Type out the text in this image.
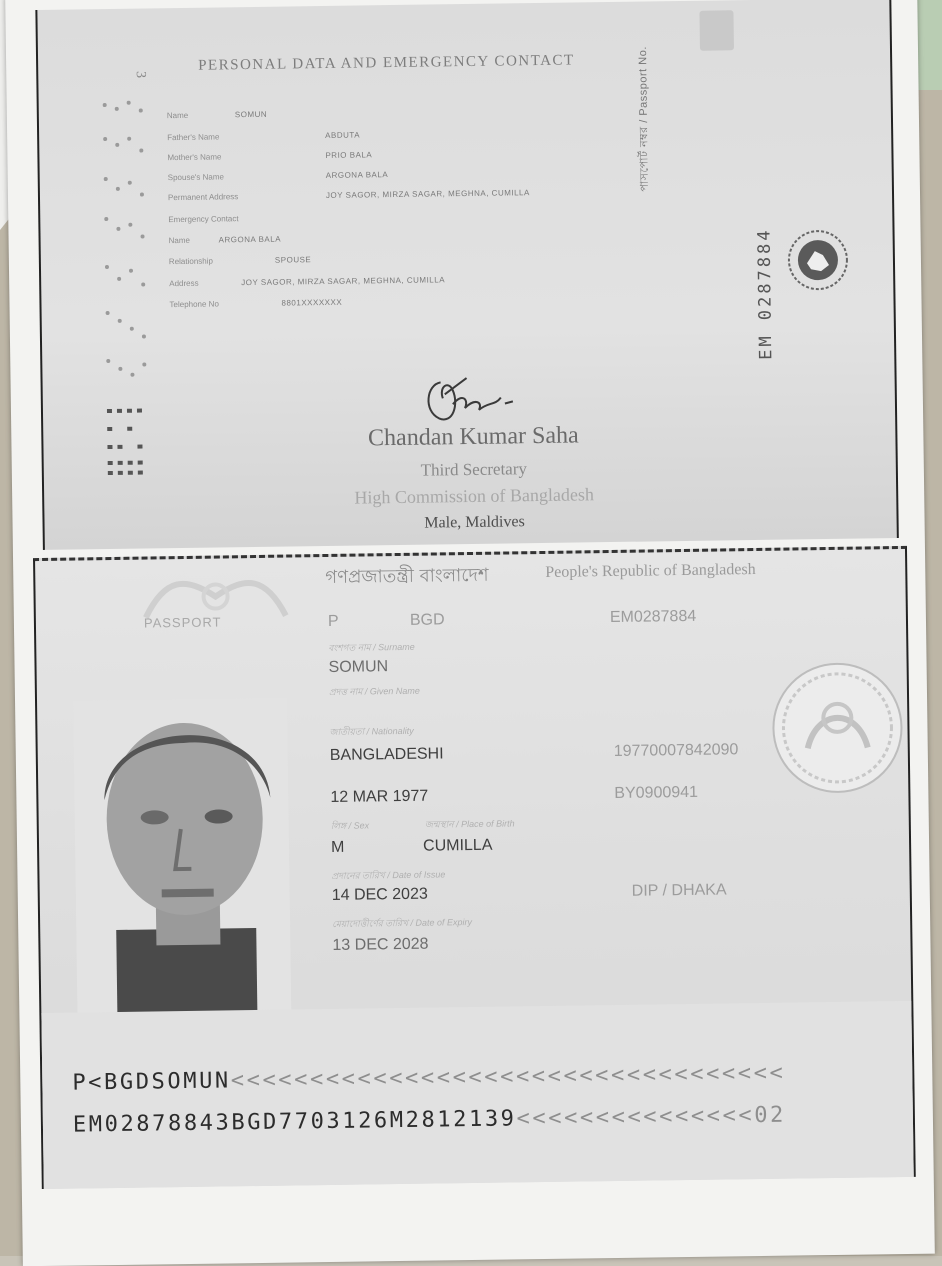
3
PERSONAL DATA AND EMERGENCY CONTACT
Name	SOMUN
Father's Name	ABDUTA
Mother's Name	PRIO BALA
Spouse's Name	ARGONA BALA
Permanent Address	JOY SAGOR, MIRZA SAGAR, MEGHNA, CUMILLA
Emergency Contact
Name	ARGONA BALA
Relationship	SPOUSE
Address	JOY SAGOR, MIRZA SAGAR, MEGHNA, CUMILLA
Telephone No	8801XXXXXXX
পাসপোর্ট নম্বর / Passport No.
EM 0287884
Chandan Kumar Saha
Third Secretary
High Commission of Bangladesh
Male, Maldives
গণপ্রজাতন্ত্রী বাংলাদেশ	People's Republic of Bangladesh
PASSPORT	P	BGD	EM0287884
বংশগত নাম / Surname
SOMUN
প্রদত্ত নাম / Given Name
জাতীয়তা / Nationality
BANGLADESHI	19770007842090
12 MAR 1977	BY0900941
লিঙ্গ / Sex	জন্মস্থান / Place of Birth
M	CUMILLA
প্রদানের তারিখ / Date of Issue
14 DEC 2023	DIP / DHAKA
মেয়াদোত্তীর্ণের তারিখ / Date of Expiry
13 DEC 2028
P<BGDSOMUN<<<<<<<<<<<<<<<<<<<<<<<<<<<<<<<<<<<
EM02878843BGD7703126M2812139<<<<<<<<<<<<<<<02
